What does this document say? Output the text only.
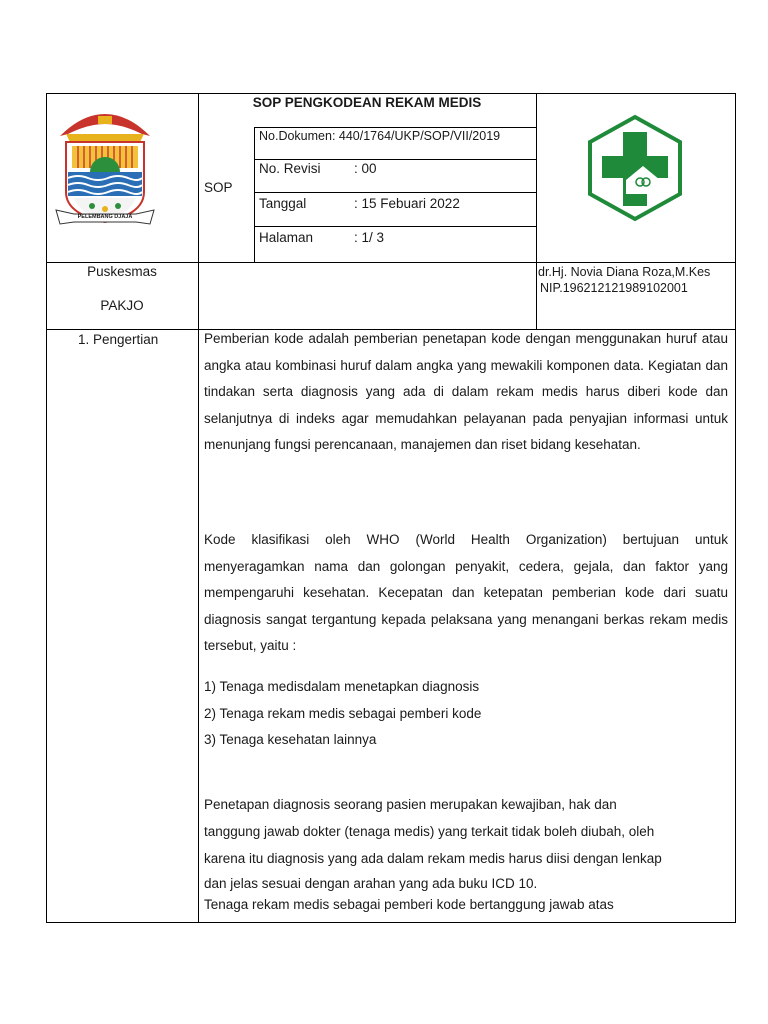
PELEMBANG DJAJA
SOP PENGKODEAN REKAM MEDIS
SOP
No.Dokumen: 440/1764/UKP/SOP/VII/2019
No. Revisi : 00
Tanggal	: 15 Febuari 2022
Halaman	: 1/ 3
Puskesmas
PAKJO
dr.Hj. Novia Diana Roza,M.Kes
NIP.196212121989102001
1. Pengertian	Pemberian kode adalah pemberian penetapan kode dengan menggunakan huruf atau angka atau kombinasi huruf dalam angka yang mewakili komponen data. Kegiatan dan tindakan serta diagnosis yang ada di dalam rekam medis harus diberi kode dan selanjutnya di indeks agar memudahkan pelayanan pada penyajian informasi untuk menunjang fungsi perencanaan, manajemen dan riset bidang kesehatan.
Kode klasifikasi oleh WHO (World Health Organization) bertujuan untuk menyeragamkan nama dan golongan penyakit, cedera, gejala, dan faktor yang mempengaruhi kesehatan. Kecepatan dan ketepatan pemberian kode dari suatu diagnosis sangat tergantung kepada pelaksana yang menangani berkas rekam medis tersebut, yaitu :
1) Tenaga medisdalam menetapkan diagnosis
2) Tenaga rekam medis sebagai pemberi kode
3) Tenaga kesehatan lainnya
Penetapan diagnosis seorang pasien merupakan kewajiban, hak dan
tanggung jawab dokter (tenaga medis) yang terkait tidak boleh diubah, oleh
karena itu diagnosis yang ada dalam rekam medis harus diisi dengan lenkap
dan jelas sesuai dengan arahan yang ada buku ICD 10.
Tenaga rekam medis sebagai pemberi kode bertanggung jawab atas
